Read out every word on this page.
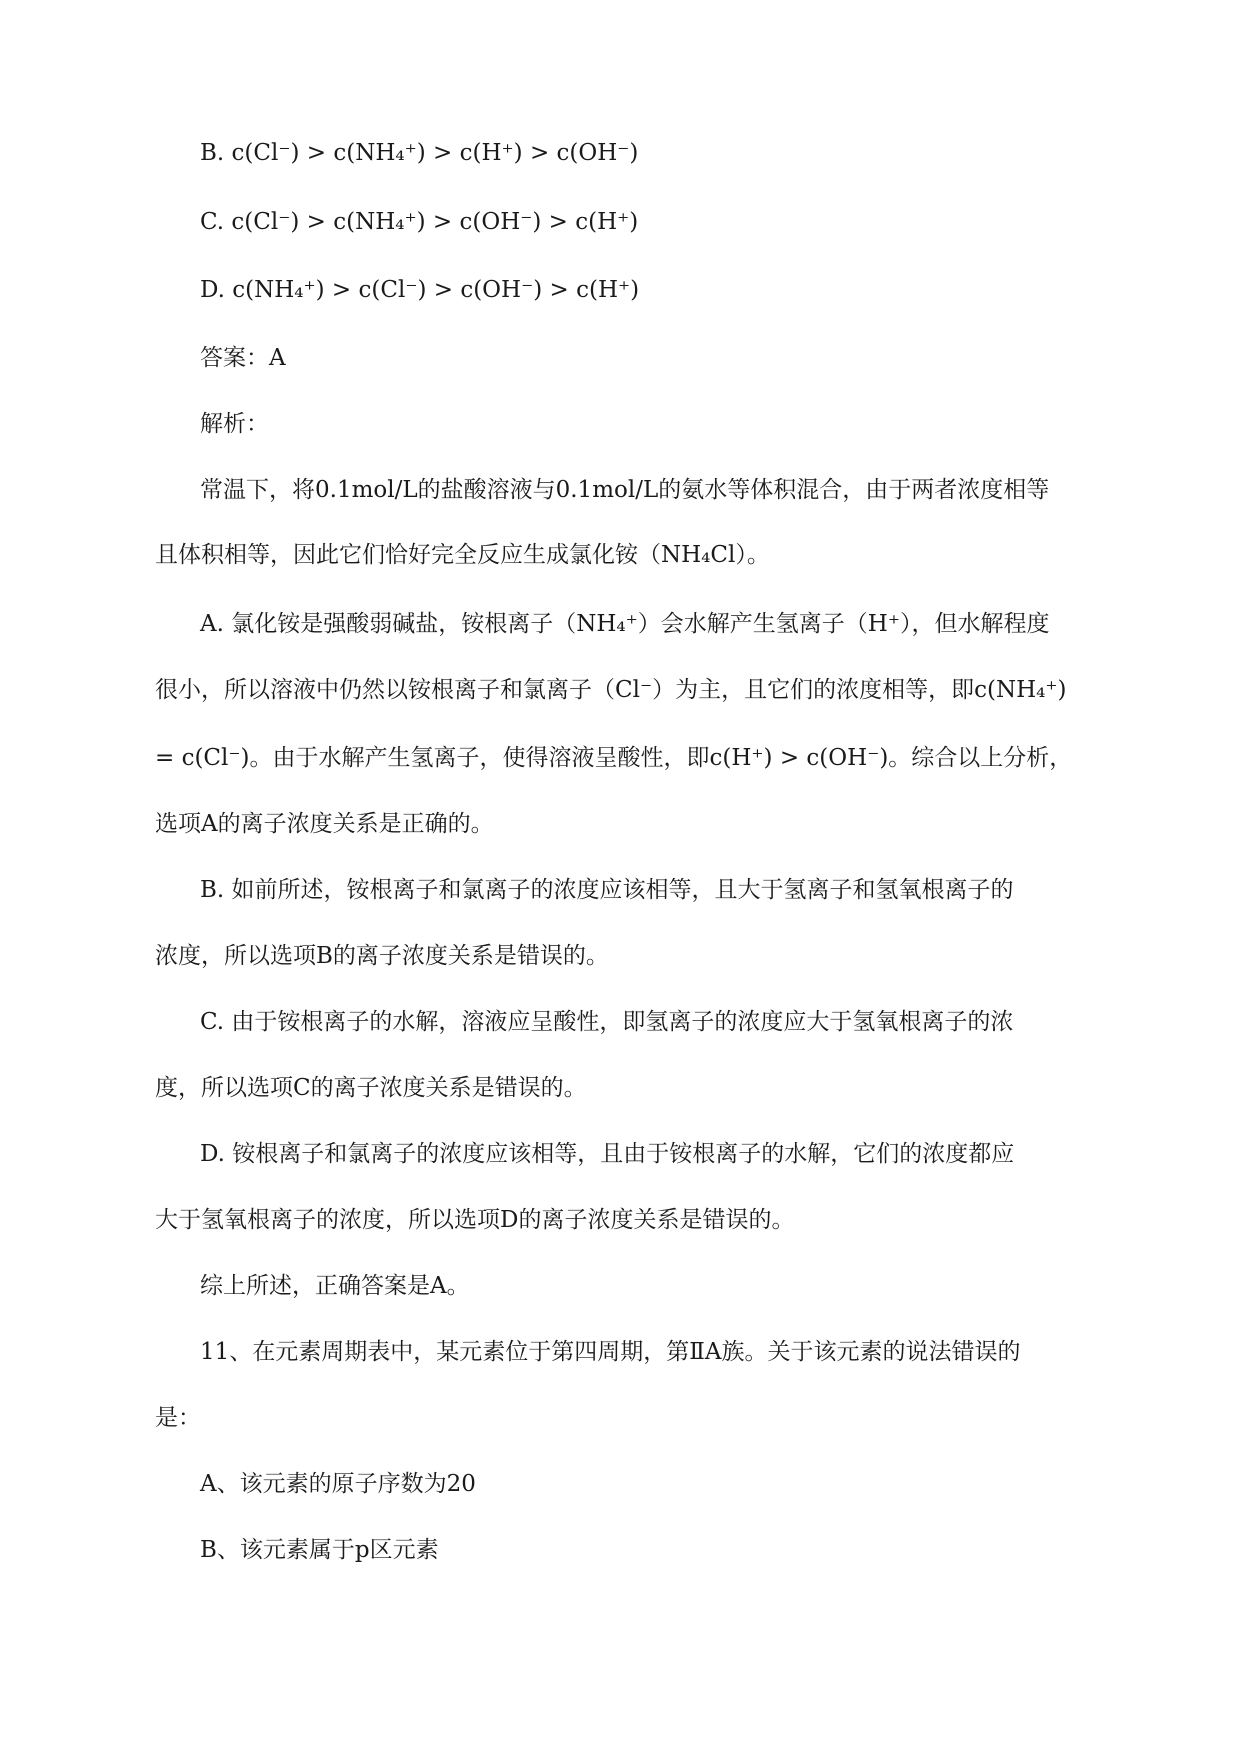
B. c(Cl⁻) > c(NH₄⁺) > c(H⁺) > c(OH⁻)
C. c(Cl⁻) > c(NH₄⁺) > c(OH⁻) > c(H⁺)
D. c(NH₄⁺) > c(Cl⁻) > c(OH⁻) > c(H⁺)
答案：A
解析：
常温下，将0.1mol/L的盐酸溶液与0.1mol/L的氨水等体积混合，由于两者浓度相等
且体积相等，因此它们恰好完全反应生成氯化铵（NH₄Cl）。
A. 氯化铵是强酸弱碱盐，铵根离子（NH₄⁺）会水解产生氢离子（H⁺），但水解程度
很小，所以溶液中仍然以铵根离子和氯离子（Cl⁻）为主，且它们的浓度相等，即c(NH₄⁺)
= c(Cl⁻)。由于水解产生氢离子，使得溶液呈酸性，即c(H⁺) > c(OH⁻)。综合以上分析，
选项A的离子浓度关系是正确的。
B. 如前所述，铵根离子和氯离子的浓度应该相等，且大于氢离子和氢氧根离子的
浓度，所以选项B的离子浓度关系是错误的。
C. 由于铵根离子的水解，溶液应呈酸性，即氢离子的浓度应大于氢氧根离子的浓
度，所以选项C的离子浓度关系是错误的。
D. 铵根离子和氯离子的浓度应该相等，且由于铵根离子的水解，它们的浓度都应
大于氢氧根离子的浓度，所以选项D的离子浓度关系是错误的。
综上所述，正确答案是A。
11、在元素周期表中，某元素位于第四周期，第ⅡA族。关于该元素的说法错误的
是：
A、该元素的原子序数为20
B、该元素属于p区元素
